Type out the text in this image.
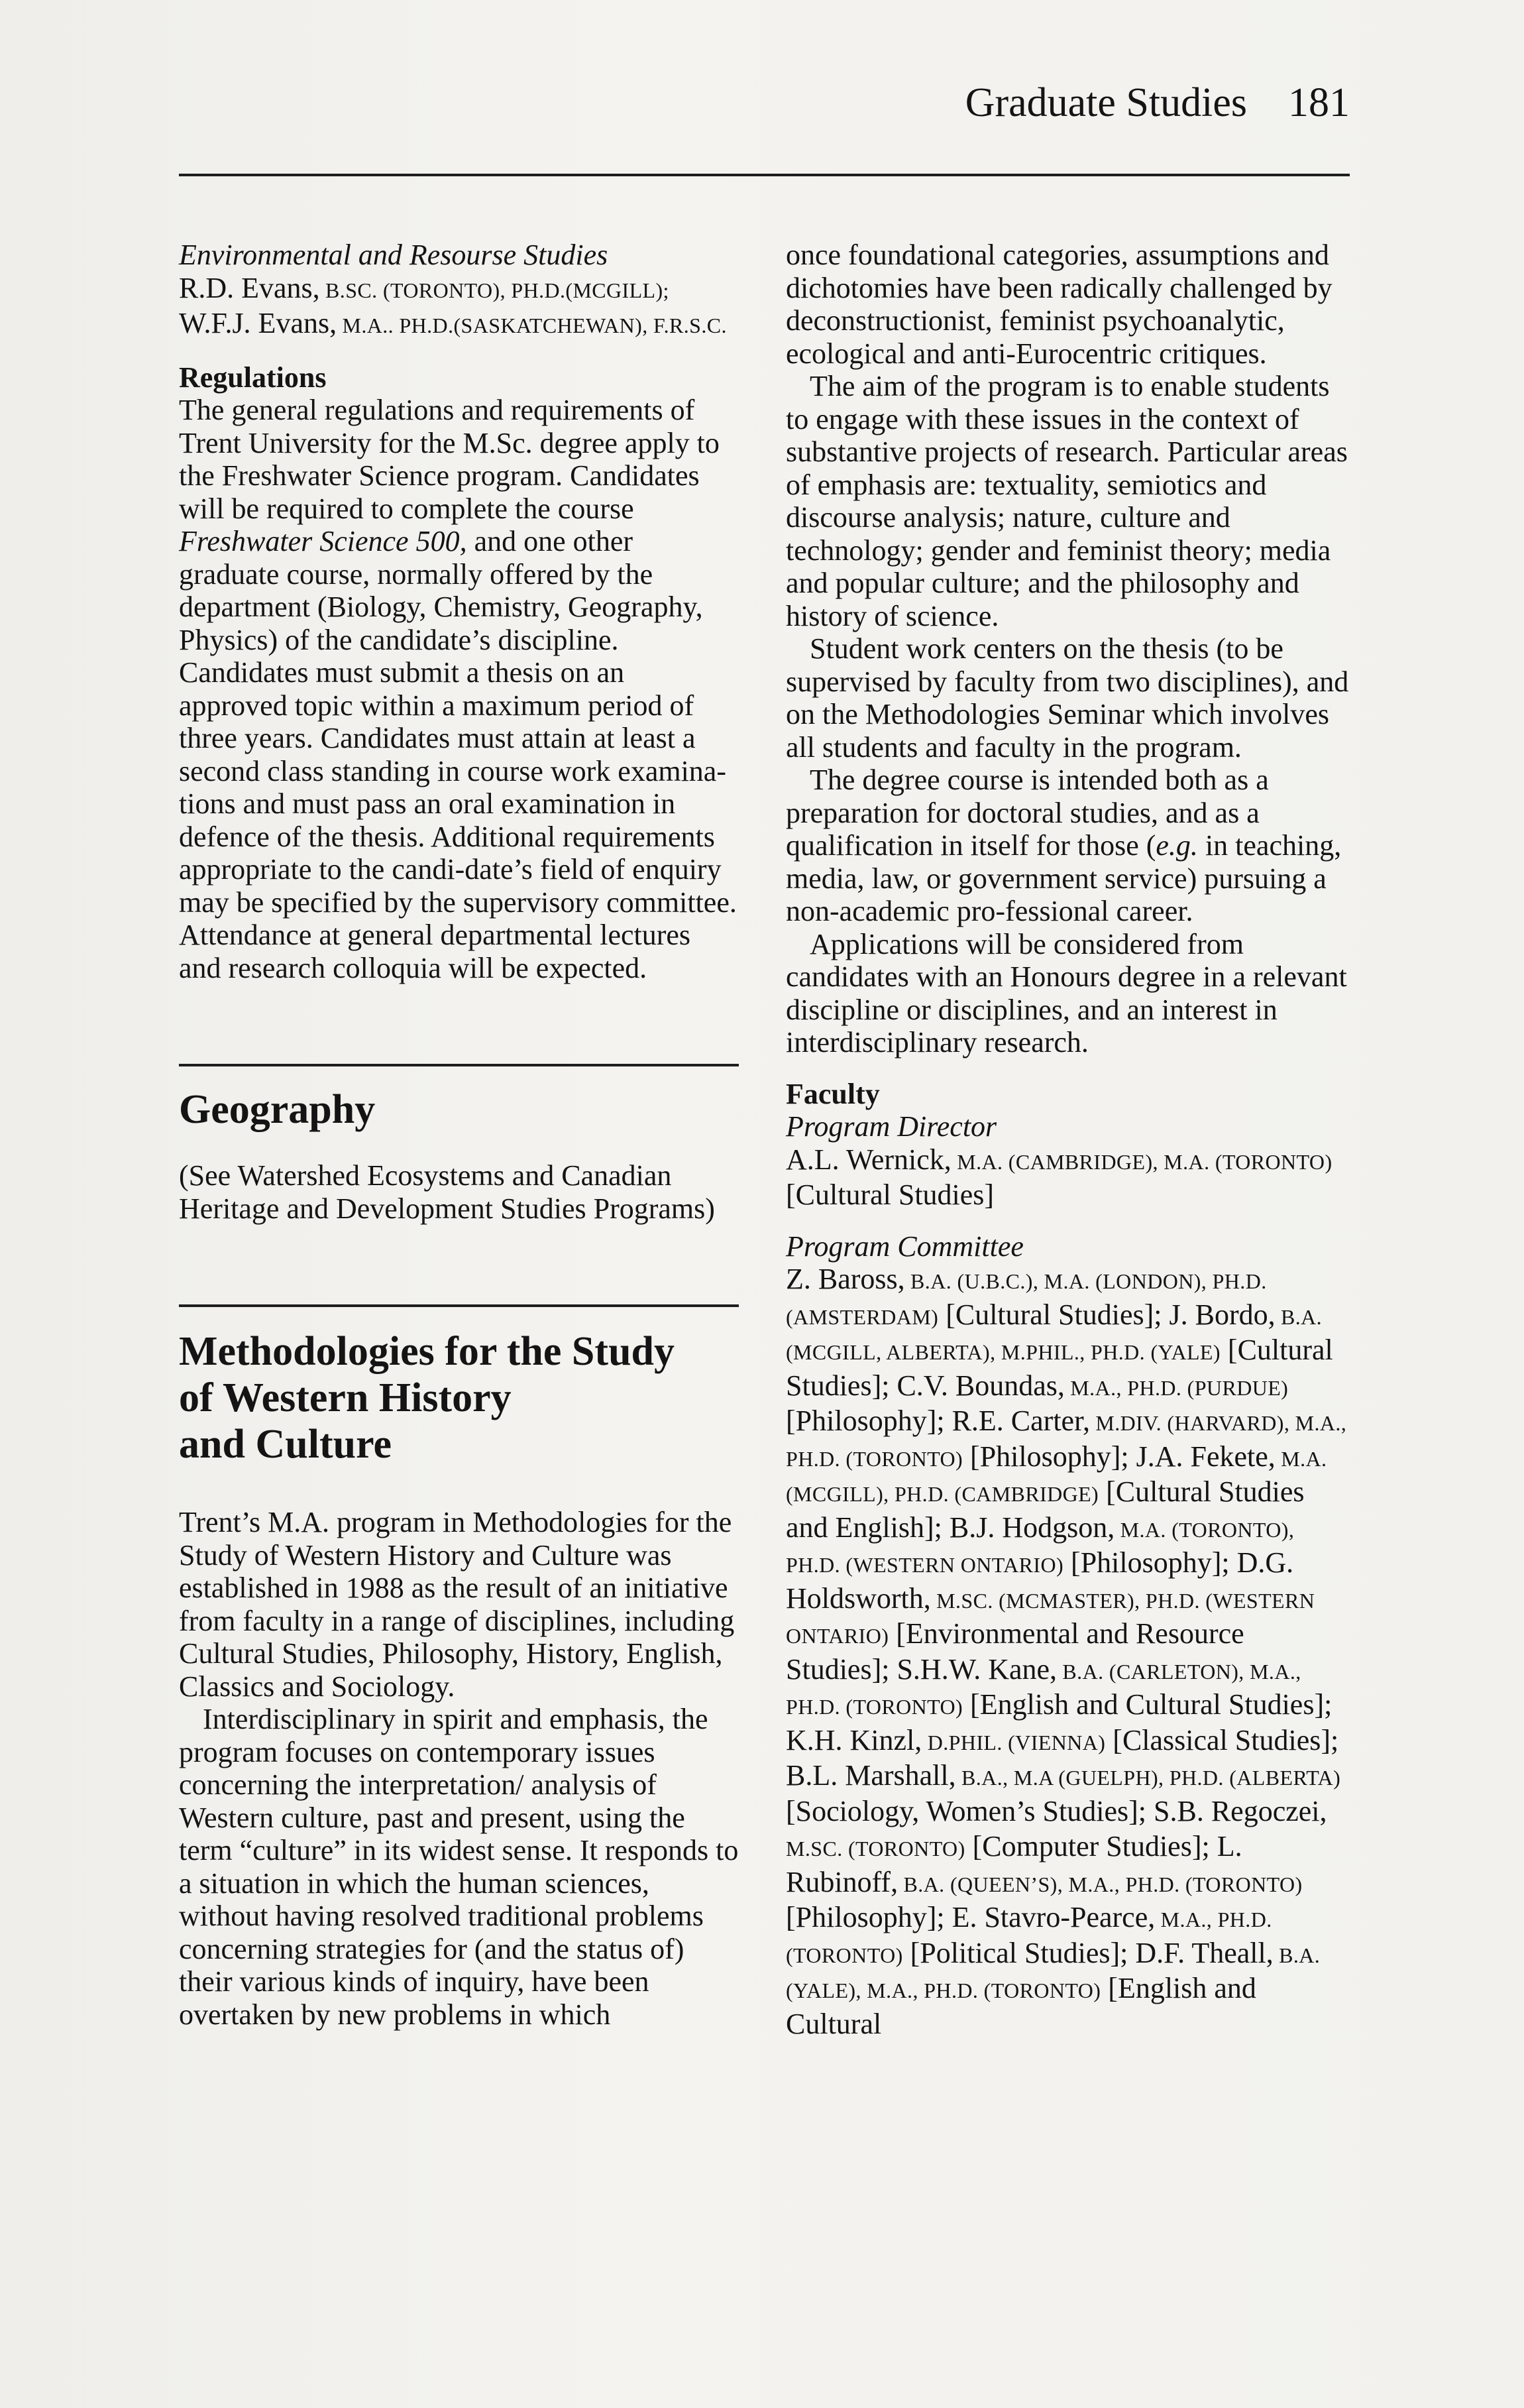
Graduate Studies 181

Environmental and Resourse Studies

R.D. Evans, B.SC. (TORONTO), PH.D.(MCGILL); W.F.J. Evans, M.A.. PH.D.(SASKATCHEWAN), F.R.S.C.

Regulations

The general regulations and requirements of Trent University for the M.Sc. degree apply to the Freshwater Science program. Candidates will be required to complete the course Freshwater Science 500, and one other graduate course, normally offered by the department (Biology, Chemistry, Geography, Physics) of the candidate’s discipline. Candidates must submit a thesis on an approved topic within a maximum period of three years. Candidates must attain at least a second class standing in course work examina-tions and must pass an oral examination in defence of the thesis. Additional requirements appropriate to the candi-date’s field of enquiry may be specified by the supervisory committee. Attendance at general departmental lectures and research colloquia will be expected.

Geography

(See Watershed Ecosystems and Canadian Heritage and Development Studies Programs)

Methodologies for the Study

of Western History

and Culture

Trent’s M.A. program in Methodologies for the Study of Western History and Culture was established in 1988 as the result of an initiative from faculty in a range of disciplines, including Cultural Studies, Philosophy, History, English, Classics and Sociology.

Interdisciplinary in spirit and emphasis, the program focuses on contemporary issues concerning the interpretation/ analysis of Western culture, past and present, using the term “culture” in its widest sense. It responds to a situation in which the human sciences, without having resolved traditional problems concerning strategies for (and the status of) their various kinds of inquiry, have been overtaken by new problems in which

once foundational categories, assumptions and dichotomies have been radically challenged by deconstructionist, feminist psychoanalytic, ecological and anti-Eurocentric critiques.

The aim of the program is to enable students to engage with these issues in the context of substantive projects of research. Particular areas of emphasis are: textuality, semiotics and discourse analysis; nature, culture and technology; gender and feminist theory; media and popular culture; and the philosophy and history of science.

Student work centers on the thesis (to be supervised by faculty from two disciplines), and on the Methodologies Seminar which involves all students and faculty in the program.

The degree course is intended both as a preparation for doctoral studies, and as a qualification in itself for those (e.g. in teaching, media, law, or government service) pursuing a non-academic pro-fessional career.

Applications will be considered from candidates with an Honours degree in a relevant discipline or disciplines, and an interest in interdisciplinary research.

Faculty

Program Director

A.L. Wernick, M.A. (CAMBRIDGE), M.A. (TORONTO) [Cultural Studies]

Program Committee

Z. Baross, B.A. (U.B.C.), M.A. (LONDON), PH.D. (AMSTERDAM) [Cultural Studies]; J. Bordo, B.A. (MCGILL, ALBERTA), M.PHIL., PH.D. (YALE) [Cultural Studies]; C.V. Boundas, M.A., PH.D. (PURDUE) [Philosophy]; R.E. Carter, M.DIV. (HARVARD), M.A., PH.D. (TORONTO) [Philosophy]; J.A. Fekete, M.A. (MCGILL), PH.D. (CAMBRIDGE) [Cultural Studies and English]; B.J. Hodgson, M.A. (TORONTO), PH.D. (WESTERN ONTARIO) [Philosophy]; D.G. Holdsworth, M.SC. (MCMASTER), PH.D. (WESTERN ONTARIO) [Environmental and Resource Studies]; S.H.W. Kane, B.A. (CARLETON), M.A., PH.D. (TORONTO) [English and Cultural Studies]; K.H. Kinzl, D.PHIL. (VIENNA) [Classical Studies]; B.L. Marshall, B.A., M.A (GUELPH), PH.D. (ALBERTA) [Sociology, Women’s Studies]; S.B. Regoczei, M.SC. (TORONTO) [Computer Studies]; L. Rubinoff, B.A. (QUEEN’S), M.A., PH.D. (TORONTO) [Philosophy]; E. Stavro-Pearce, M.A., PH.D. (TORONTO) [Political Studies]; D.F. Theall, B.A. (YALE), M.A., PH.D. (TORONTO) [English and Cultural
